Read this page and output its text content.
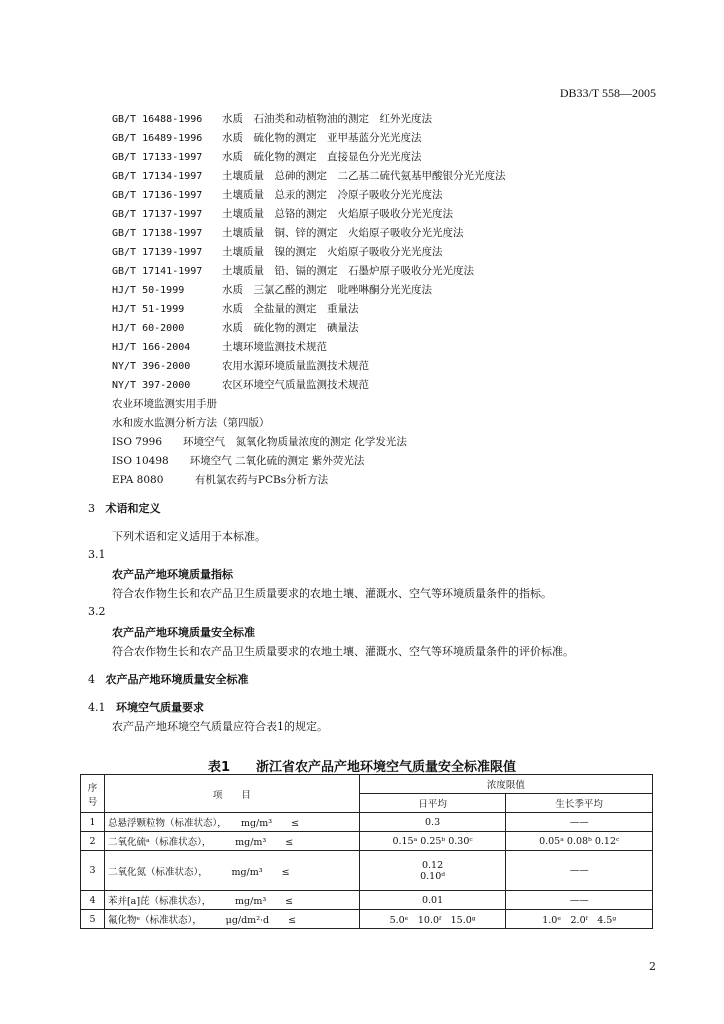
DB33/T 558—2005
GB/T 16488-1996 水质　石油类和动植物油的测定　红外光度法
GB/T 16489-1996 水质　硫化物的测定　亚甲基蓝分光光度法
GB/T 17133-1997 水质　硫化物的测定　直接显色分光光度法
GB/T 17134-1997 土壤质量　总砷的测定　二乙基二硫代氨基甲酸银分光光度法
GB/T 17136-1997 土壤质量　总汞的测定　冷原子吸收分光光度法
GB/T 17137-1997 土壤质量　总铬的测定　火焰原子吸收分光光度法
GB/T 17138-1997 土壤质量　铜、锌的测定　火焰原子吸收分光光度法
GB/T 17139-1997 土壤质量　镍的测定　火焰原子吸收分光光度法
GB/T 17141-1997 土壤质量　铅、镉的测定　石墨炉原子吸收分光光度法
HJ/T 50-1999	水质　三氯乙醛的测定　吡唑啉酮分光光度法
HJ/T 51-1999	水质　全盐量的测定　重量法
HJ/T 60-2000	水质　硫化物的测定　碘量法
HJ/T 166-2004	土壤环境监测技术规范
NY/T 396-2000	农用水源环境质量监测技术规范
NY/T 397-2000	农区环境空气质量监测技术规范
农业环境监测实用手册
水和废水监测分析方法（第四版）
ISO 7996　　环境空气　氮氧化物质量浓度的测定 化学发光法
ISO 10498　　环境空气 二氧化硫的测定 紫外荧光法
EPA 8080　　　有机氯农药与PCBs分析方法
3 术语和定义
下列术语和定义适用于本标准。
3.1
农产品产地环境质量指标
符合农作物生长和农产品卫生质量要求的农地土壤、灌溉水、空气等环境质量条件的指标。
3.2
农产品产地环境质量安全标准
符合农作物生长和农产品卫生质量要求的农地土壤、灌溉水、空气等环境质量条件的评价标准。
4 农产品产地环境质量安全标准
4.1 环境空气质量要求
农产品产地环境空气质量应符合表1的规定。
表1　　浙江省农产品产地环境空气质量安全标准限值
序
号	项　　目	浓度限值	
		日平均	生长季平均
1	总悬浮颗粒物（标准状态），　　mg/m³　　≤	0.3	——
2	二氧化硫ᵃ（标准状态），　　　mg/m³　　≤	0.15ᵃ 0.25ᵇ 0.30ᶜ	0.05ᵃ 0.08ᵇ 0.12ᶜ
3	二氧化氮（标准状态），　　　mg/m³　　≤	0.12
0.10ᵈ	——
4	苯并[a]芘（标准状态），　　　mg/m³　　≤	0.01	——
5	氟化物ᵉ（标准状态），　　　μg/dm²·d　　≤	5.0ᵉ　10.0ᶠ　15.0ᵍ	1.0ᵉ　2.0ᶠ　4.5ᵍ
2
